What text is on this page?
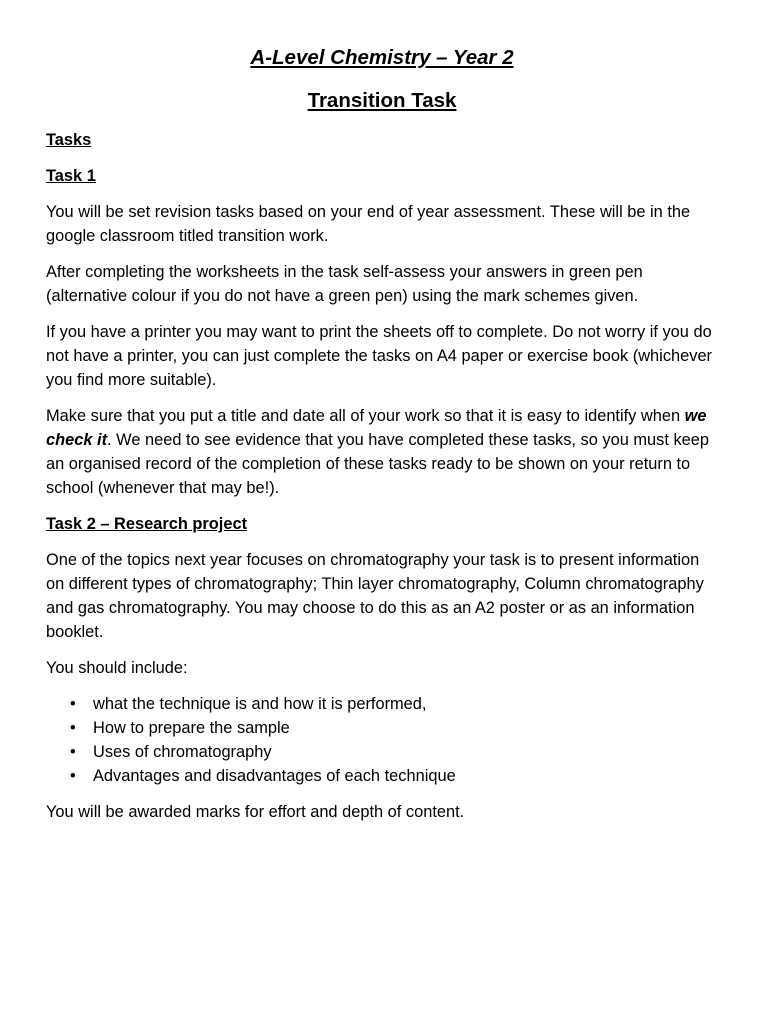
A-Level Chemistry – Year 2
Transition Task
Tasks
Task 1

You will be set revision tasks based on your end of year assessment. These will be in the google classroom titled transition work.

After completing the worksheets in the task self-assess your answers in green pen (alternative colour if you do not have a green pen) using the mark schemes given.

If you have a printer you may want to print the sheets off to complete. Do not worry if you do not have a printer, you can just complete the tasks on A4 paper or exercise book (whichever you find more suitable).

Make sure that you put a title and date all of your work so that it is easy to identify when we check it. We need to see evidence that you have completed these tasks, so you must keep an organised record of the completion of these tasks ready to be shown on your return to school (whenever that may be!).

Task 2 – Research project

One of the topics next year focuses on chromatography your task is to present information on different types of chromatography; Thin layer chromatography, Column chromatography and gas chromatography. You may choose to do this as an A2 poster or as an information booklet.

You should include:

• what the technique is and how it is performed,
• How to prepare the sample
• Uses of chromatography
• Advantages and disadvantages of each technique

You will be awarded marks for effort and depth of content.
